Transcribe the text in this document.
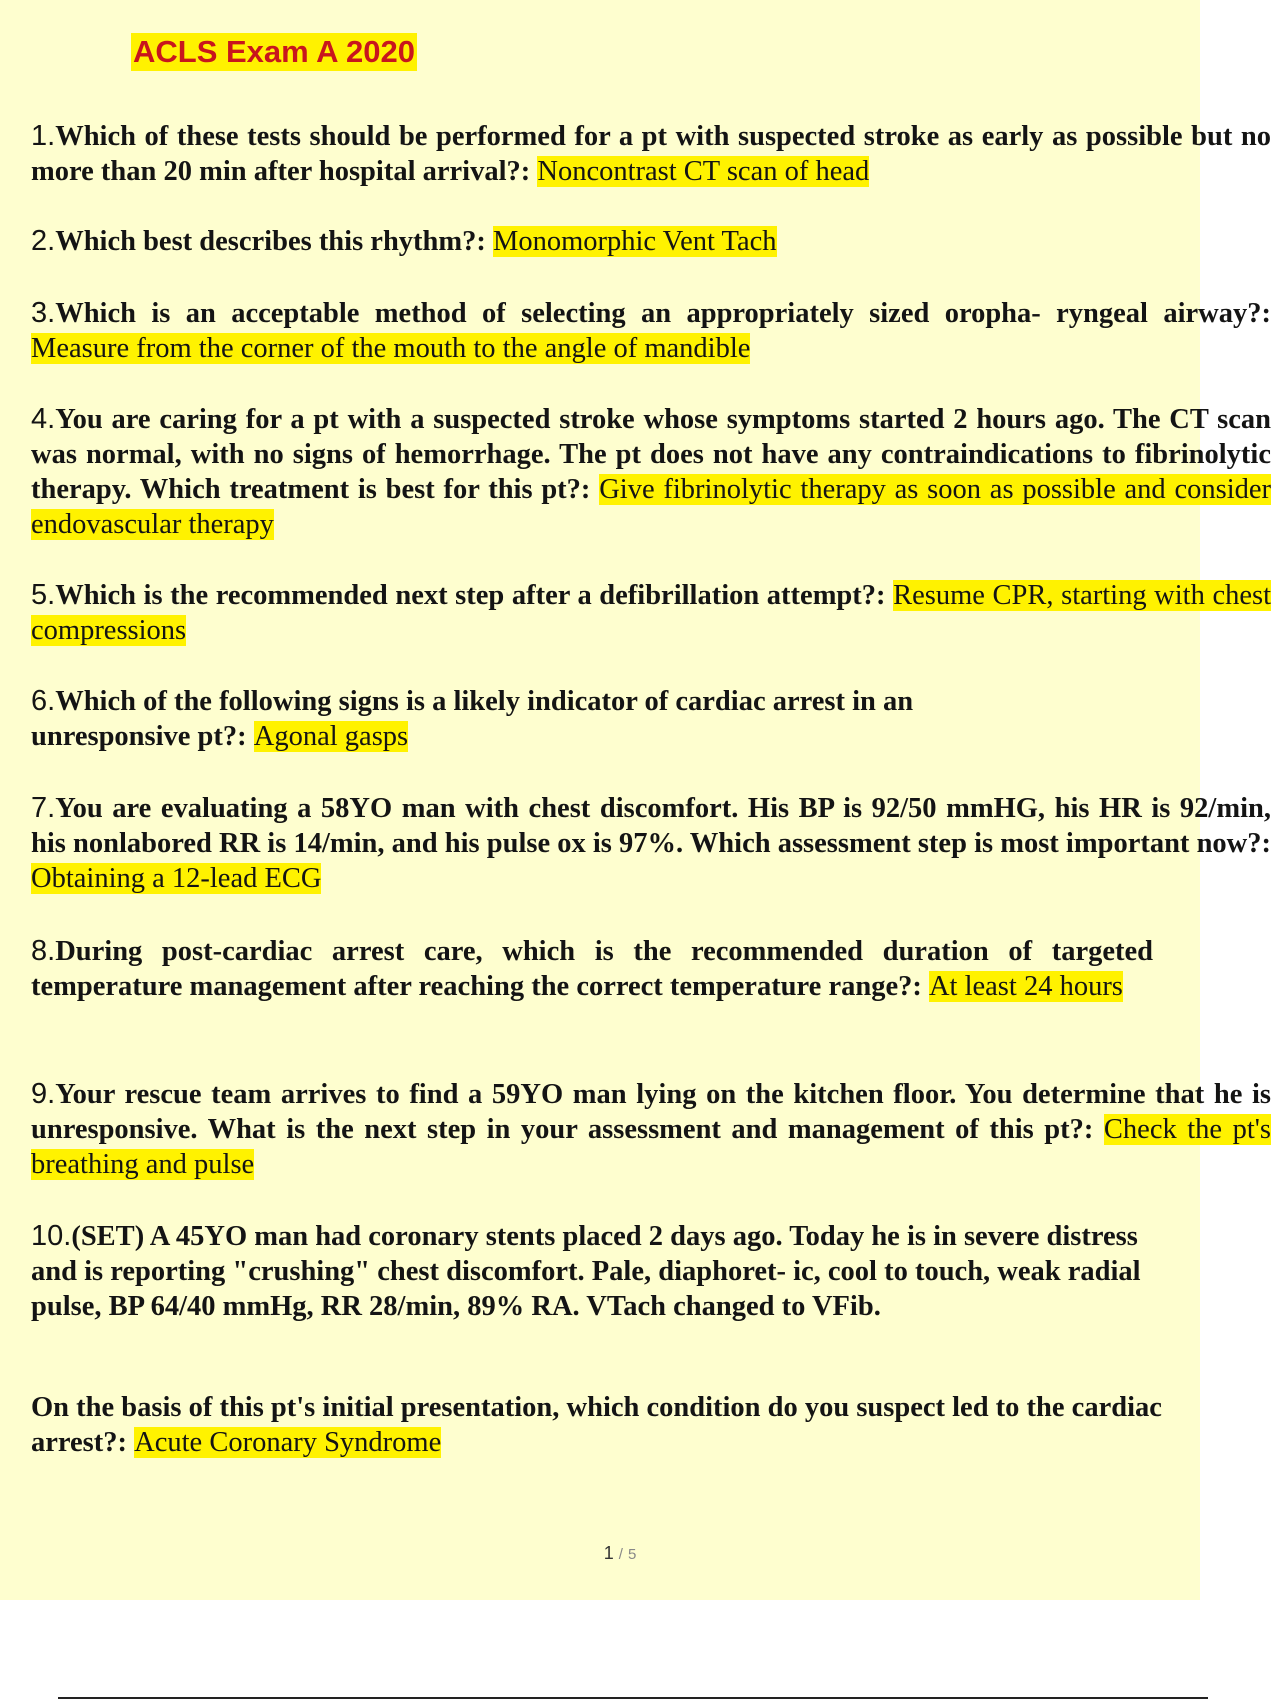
ACLS Exam A 2020
1.Which of these tests should be performed for a pt with suspected stroke as early as possible but no more than 20 min after hospital arrival?: Noncontrast CT scan of head
2.Which best describes this rhythm?: Monomorphic Vent Tach
3.Which is an acceptable method of selecting an appropriately sized oropha- ryngeal airway?: Measure from the corner of the mouth to the angle of mandible
4.You are caring for a pt with a suspected stroke whose symptoms started 2 hours ago. The CT scan was normal, with no signs of hemorrhage. The pt does not have any contraindications to fibrinolytic therapy. Which treatment is best for this pt?: Give fibrinolytic therapy as soon as possible and consider endovascular therapy
5.Which is the recommended next step after a defibrillation attempt?: Resume CPR, starting with chest compressions
6.Which of the following signs is a likely indicator of cardiac arrest in an unresponsive pt?: Agonal gasps
7.You are evaluating a 58YO man with chest discomfort. His BP is 92/50 mmHG, his HR is 92/min, his nonlabored RR is 14/min, and his pulse ox is 97%. Which assessment step is most important now?: Obtaining a 12-lead ECG
8.During post-cardiac arrest care, which is the recommended duration of targeted temperature management after reaching the correct temperature range?: At least 24 hours
9.Your rescue team arrives to find a 59YO man lying on the kitchen floor. You determine that he is unresponsive. What is the next step in your assessment and management of this pt?: Check the pt's breathing and pulse
10.(SET) A 45YO man had coronary stents placed 2 days ago. Today he is in severe distress and is reporting "crushing" chest discomfort. Pale, diaphoret- ic, cool to touch, weak radial pulse, BP 64/40 mmHg, RR 28/min, 89% RA. VTach changed to VFib.
On the basis of this pt's initial presentation, which condition do you suspect led to the cardiac arrest?: Acute Coronary Syndrome
1 / 5
